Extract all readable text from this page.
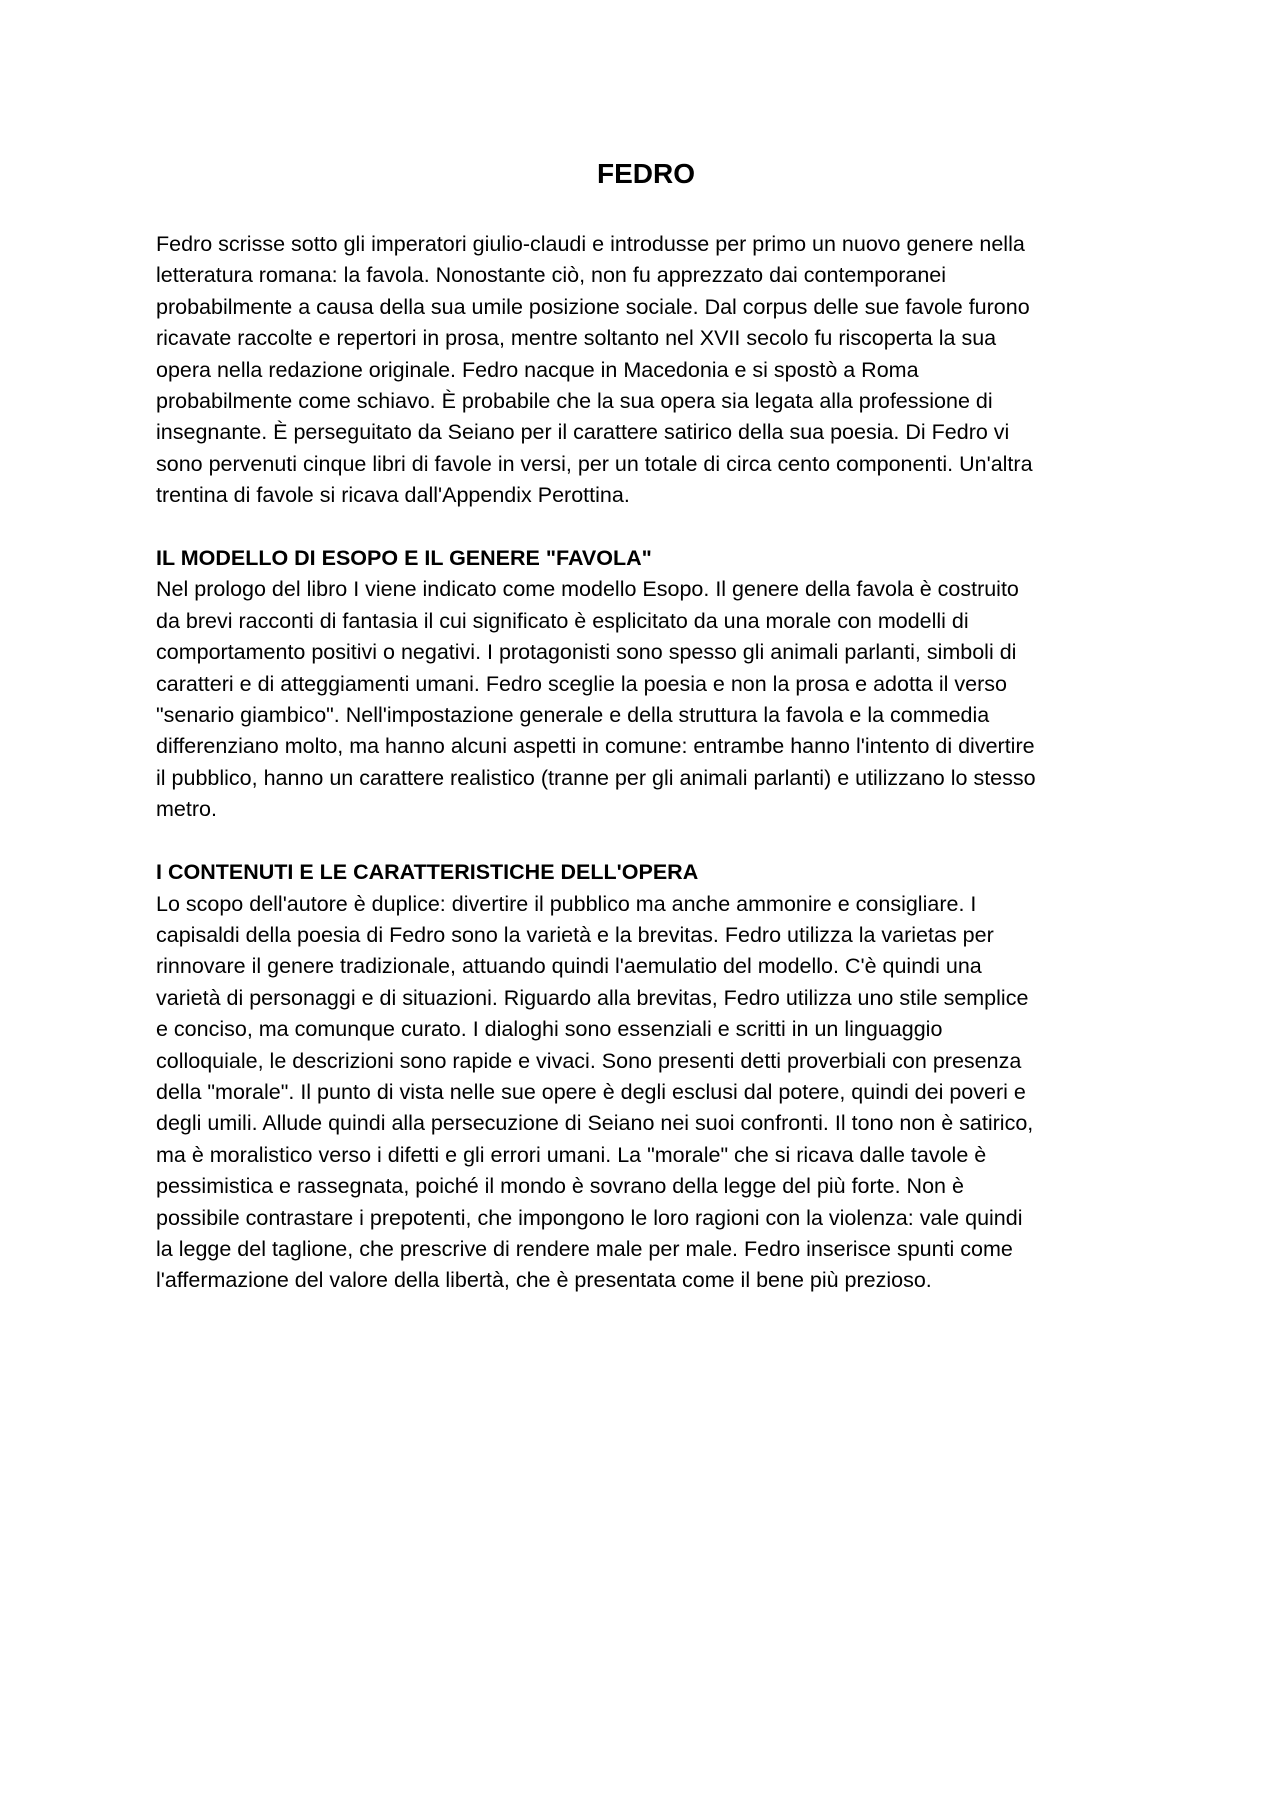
FEDRO

Fedro scrisse sotto gli imperatori giulio-claudi e introdusse per primo un nuovo genere nella
letteratura romana: la favola. Nonostante ciò, non fu apprezzato dai contemporanei
probabilmente a causa della sua umile posizione sociale. Dal corpus delle sue favole furono
ricavate raccolte e repertori in prosa, mentre soltanto nel XVII secolo fu riscoperta la sua
opera nella redazione originale. Fedro nacque in Macedonia e si spostò a Roma
probabilmente come schiavo. È probabile che la sua opera sia legata alla professione di
insegnante. È perseguitato da Seiano per il carattere satirico della sua poesia. Di Fedro vi
sono pervenuti cinque libri di favole in versi, per un totale di circa cento componenti. Un'altra
trentina di favole si ricava dall'Appendix Perottina.

IL MODELLO DI ESOPO E IL GENERE "FAVOLA"

Nel prologo del libro I viene indicato come modello Esopo. Il genere della favola è costruito
da brevi racconti di fantasia il cui significato è esplicitato da una morale con modelli di
comportamento positivi o negativi. I protagonisti sono spesso gli animali parlanti, simboli di
caratteri e di atteggiamenti umani. Fedro sceglie la poesia e non la prosa e adotta il verso
"senario giambico". Nell'impostazione generale e della struttura la favola e la commedia
differenziano molto, ma hanno alcuni aspetti in comune: entrambe hanno l'intento di divertire
il pubblico, hanno un carattere realistico (tranne per gli animali parlanti) e utilizzano lo stesso
metro.

I CONTENUTI E LE CARATTERISTICHE DELL'OPERA

Lo scopo dell'autore è duplice: divertire il pubblico ma anche ammonire e consigliare. I
capisaldi della poesia di Fedro sono la varietà e la brevitas. Fedro utilizza la varietas per
rinnovare il genere tradizionale, attuando quindi l'aemulatio del modello. C'è quindi una
varietà di personaggi e di situazioni. Riguardo alla brevitas, Fedro utilizza uno stile semplice
e conciso, ma comunque curato. I dialoghi sono essenziali e scritti in un linguaggio
colloquiale, le descrizioni sono rapide e vivaci. Sono presenti detti proverbiali con presenza
della "morale". Il punto di vista nelle sue opere è degli esclusi dal potere, quindi dei poveri e
degli umili. Allude quindi alla persecuzione di Seiano nei suoi confronti. Il tono non è satirico,
ma è moralistico verso i difetti e gli errori umani. La "morale" che si ricava dalle tavole è
pessimistica e rassegnata, poiché il mondo è sovrano della legge del più forte. Non è
possibile contrastare i prepotenti, che impongono le loro ragioni con la violenza: vale quindi
la legge del taglione, che prescrive di rendere male per male. Fedro inserisce spunti come
l'affermazione del valore della libertà, che è presentata come il bene più prezioso.
